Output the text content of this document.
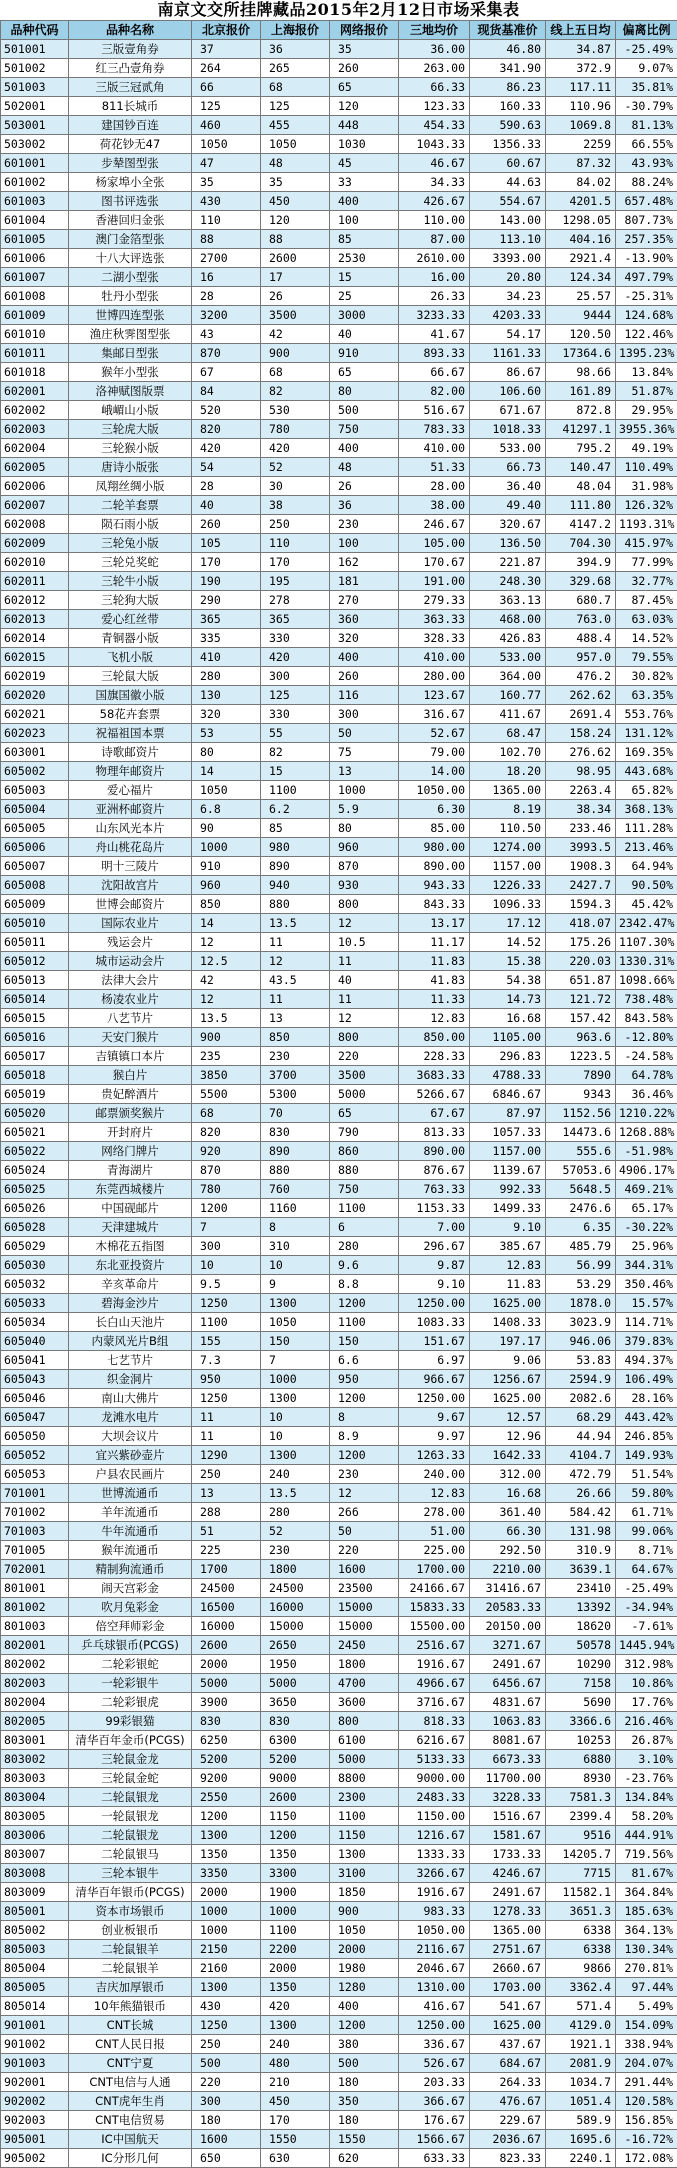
南京文交所挂牌藏品2015年2月12日市场采集表
品种代码	品种名称	北京报价	上海报价	网络报价	三地均价	现货基准价	线上五日均	偏离比例
501001	三版壹角券	37	36	35	36.00	46.80	34.87	-25.49%
501002	红三凸壹角券	264	265	260	263.00	341.90	372.9	9.07%
501003	三版三冠贰角	66	68	65	66.33	86.23	117.11	35.81%
502001	811长城币	125	125	120	123.33	160.33	110.96	-30.79%
503001	建国钞百连	460	455	448	454.33	590.63	1069.8	81.13%
503002	荷花钞无47	1050	1050	1030	1043.33	1356.33	2259	66.55%
601001	步辇图型张	47	48	45	46.67	60.67	87.32	43.93%
601002	杨家埠小全张	35	35	33	34.33	44.63	84.02	88.24%
601003	图书评选张	430	450	400	426.67	554.67	4201.5	657.48%
601004	香港回归金张	110	120	100	110.00	143.00	1298.05	807.73%
601005	澳门金箔型张	88	88	85	87.00	113.10	404.16	257.35%
601006	十八大评选张	2700	2600	2530	2610.00	3393.00	2921.4	-13.90%
601007	二湖小型张	16	17	15	16.00	20.80	124.34	497.79%
601008	牡丹小型张	28	26	25	26.33	34.23	25.57	-25.31%
601009	世博四连型张	3200	3500	3000	3233.33	4203.33	9444	124.68%
601010	渔庄秋霁图型张	43	42	40	41.67	54.17	120.50	122.46%
601011	集邮日型张	870	900	910	893.33	1161.33	17364.6	1395.23%
601018	猴年小型张	67	68	65	66.67	86.67	98.66	13.84%
602001	洛神赋图版票	84	82	80	82.00	106.60	161.89	51.87%
602002	峨嵋山小版	520	530	500	516.67	671.67	872.8	29.95%
602003	三轮虎大版	820	780	750	783.33	1018.33	41297.1	3955.36%
602004	三轮猴小版	420	420	400	410.00	533.00	795.2	49.19%
602005	唐诗小版张	54	52	48	51.33	66.73	140.47	110.49%
602006	凤翔丝绸小版	28	30	26	28.00	36.40	48.04	31.98%
602007	二轮羊套票	40	38	36	38.00	49.40	111.80	126.32%
602008	陨石雨小版	260	250	230	246.67	320.67	4147.2	1193.31%
602009	三轮兔小版	105	110	100	105.00	136.50	704.30	415.97%
602010	三轮兑奖蛇	170	170	162	170.67	221.87	394.9	77.99%
602011	三轮牛小版	190	195	181	191.00	248.30	329.68	32.77%
602012	三轮狗大版	290	278	270	279.33	363.13	680.7	87.45%
602013	爱心红丝带	365	365	360	363.33	468.00	763.0	63.03%
602014	青铜器小版	335	330	320	328.33	426.83	488.4	14.52%
602015	飞机小版	410	420	400	410.00	533.00	957.0	79.55%
602019	三轮鼠大版	280	300	260	280.00	364.00	476.2	30.82%
602020	国旗国徽小版	130	125	116	123.67	160.77	262.62	63.35%
602021	58花卉套票	320	330	300	316.67	411.67	2691.4	553.76%
602023	祝福祖国本票	53	55	50	52.67	68.47	158.24	131.12%
603001	诗歌邮资片	80	82	75	79.00	102.70	276.62	169.35%
605002	物理年邮资片	14	15	13	14.00	18.20	98.95	443.68%
605003	爱心福片	1050	1100	1000	1050.00	1365.00	2263.4	65.82%
605004	亚洲杯邮资片	6.8	6.2	5.9	6.30	8.19	38.34	368.13%
605005	山东风光本片	90	85	80	85.00	110.50	233.46	111.28%
605006	舟山桃花岛片	1000	980	960	980.00	1274.00	3993.5	213.46%
605007	明十三陵片	910	890	870	890.00	1157.00	1908.3	64.94%
605008	沈阳故宫片	960	940	930	943.33	1226.33	2427.7	90.50%
605009	世博会邮资片	850	880	800	843.33	1096.33	1594.3	45.42%
605010	国际农业片	14	13.5	12	13.17	17.12	418.07	2342.47%
605011	残运会片	12	11	10.5	11.17	14.52	175.26	1107.30%
605012	城市运动会片	12.5	12	11	11.83	15.38	220.03	1330.31%
605013	法律大会片	42	43.5	40	41.83	54.38	651.87	1098.66%
605014	杨凌农业片	12	11	11	11.33	14.73	121.72	738.48%
605015	八艺节片	13.5	13	12	12.83	16.68	157.42	843.58%
605016	天安门猴片	900	850	800	850.00	1105.00	963.6	-12.80%
605017	吉镇镇口本片	235	230	220	228.33	296.83	1223.5	-24.58%
605018	猴白片	3850	3700	3500	3683.33	4788.33	7890	64.78%
605019	贵妃醉酒片	5500	5300	5000	5266.67	6846.67	9343	36.46%
605020	邮票颁奖猴片	68	70	65	67.67	87.97	1152.56	1210.22%
605021	开封府片	820	830	790	813.33	1057.33	14473.6	1268.88%
605022	网络门牌片	920	890	860	890.00	1157.00	555.6	-51.98%
605024	青海湖片	870	880	880	876.67	1139.67	57053.6	4906.17%
605025	东莞西城楼片	780	760	750	763.33	992.33	5648.5	469.21%
605026	中国砚邮片	1200	1160	1100	1153.33	1499.33	2476.6	65.17%
605028	天津建城片	7	8	6	7.00	9.10	6.35	-30.22%
605029	木棉花五指图	300	310	280	296.67	385.67	485.79	25.96%
605030	东北亚投资片	10	10	9.6	9.87	12.83	56.99	344.31%
605032	辛亥革命片	9.5	9	8.8	9.10	11.83	53.29	350.46%
605033	碧海金沙片	1250	1300	1200	1250.00	1625.00	1878.0	15.57%
605034	长白山天池片	1100	1050	1100	1083.33	1408.33	3023.9	114.71%
605040	内蒙风光片B组	155	150	150	151.67	197.17	946.06	379.83%
605041	七艺节片	7.3	7	6.6	6.97	9.06	53.83	494.37%
605043	织金洞片	950	1000	950	966.67	1256.67	2594.9	106.49%
605046	南山大佛片	1250	1300	1200	1250.00	1625.00	2082.6	28.16%
605047	龙滩水电片	11	10	8	9.67	12.57	68.29	443.42%
605050	大坝会议片	11	10	8.9	9.97	12.96	44.94	246.85%
605052	宜兴紫砂壶片	1290	1300	1200	1263.33	1642.33	4104.7	149.93%
605053	户县农民画片	250	240	230	240.00	312.00	472.79	51.54%
701001	世博流通币	13	13.5	12	12.83	16.68	26.66	59.80%
701002	羊年流通币	288	280	266	278.00	361.40	584.42	61.71%
701003	牛年流通币	51	52	50	51.00	66.30	131.98	99.06%
701005	猴年流通币	225	230	220	225.00	292.50	310.9	8.71%
702001	精制狗流通币	1700	1800	1600	1700.00	2210.00	3639.1	64.67%
801001	闹天宫彩金	24500	24500	23500	24166.67	31416.67	23410	-25.49%
801002	吹月兔彩金	16500	16000	15000	15833.33	20583.33	13392	-34.94%
801003	倍空拜师彩金	16000	15000	15000	15500.00	20150.00	18620	-7.61%
802001	乒乓球银币(PCGS)	2600	2650	2450	2516.67	3271.67	50578	1445.94%
802002	二轮彩银蛇	2000	1950	1800	1916.67	2491.67	10290	312.98%
802003	一轮彩银牛	5000	5000	4700	4966.67	6456.67	7158	10.86%
802004	二轮彩银虎	3900	3650	3600	3716.67	4831.67	5690	17.76%
802005	99彩银猫	830	830	800	818.33	1063.83	3366.6	216.46%
803001	清华百年金币(PCGS)	6250	6300	6100	6216.67	8081.67	10253	26.87%
803002	三轮鼠金龙	5200	5200	5000	5133.33	6673.33	6880	3.10%
803003	三轮鼠金蛇	9200	9000	8800	9000.00	11700.00	8930	-23.76%
803004	二轮鼠银龙	2550	2600	2300	2483.33	3228.33	7581.3	134.84%
803005	一轮鼠银龙	1200	1150	1100	1150.00	1516.67	2399.4	58.20%
803006	二轮鼠银龙	1300	1200	1150	1216.67	1581.67	9516	444.91%
803007	二轮鼠银马	1350	1350	1300	1333.33	1733.33	14205.7	719.56%
803008	三轮本银牛	3350	3300	3100	3266.67	4246.67	7715	81.67%
803009	清华百年银币(PCGS)	2000	1900	1850	1916.67	2491.67	11582.1	364.84%
805001	资本市场银币	1000	1000	900	983.33	1278.33	3651.3	185.63%
805002	创业板银币	1000	1100	1050	1050.00	1365.00	6338	364.13%
805003	二轮鼠银羊	2150	2200	2000	2116.67	2751.67	6338	130.34%
805004	二轮鼠银羊	2160	2000	1980	2046.67	2660.67	9866	270.81%
805005	吉庆加厚银币	1300	1350	1280	1310.00	1703.00	3362.4	97.44%
805014	10年熊猫银币	430	420	400	416.67	541.67	571.4	5.49%
901001	CNT长城	1250	1300	1200	1250.00	1625.00	4129.0	154.09%
901002	CNT人民日报	250	240	380	336.67	437.67	1921.1	338.94%
901003	CNT宁夏	500	480	500	526.67	684.67	2081.9	204.07%
902001	CNT电信与人通	220	210	180	203.33	264.33	1034.7	291.44%
902002	CNT虎年生肖	300	450	350	366.67	476.67	1051.4	120.58%
902003	CNT电信贸易	180	170	180	176.67	229.67	589.9	156.85%
905001	IC中国航天	1600	1550	1550	1566.67	2036.67	1695.6	-16.72%
905002	IC分形几何	650	630	620	633.33	823.33	2240.1	172.08%
